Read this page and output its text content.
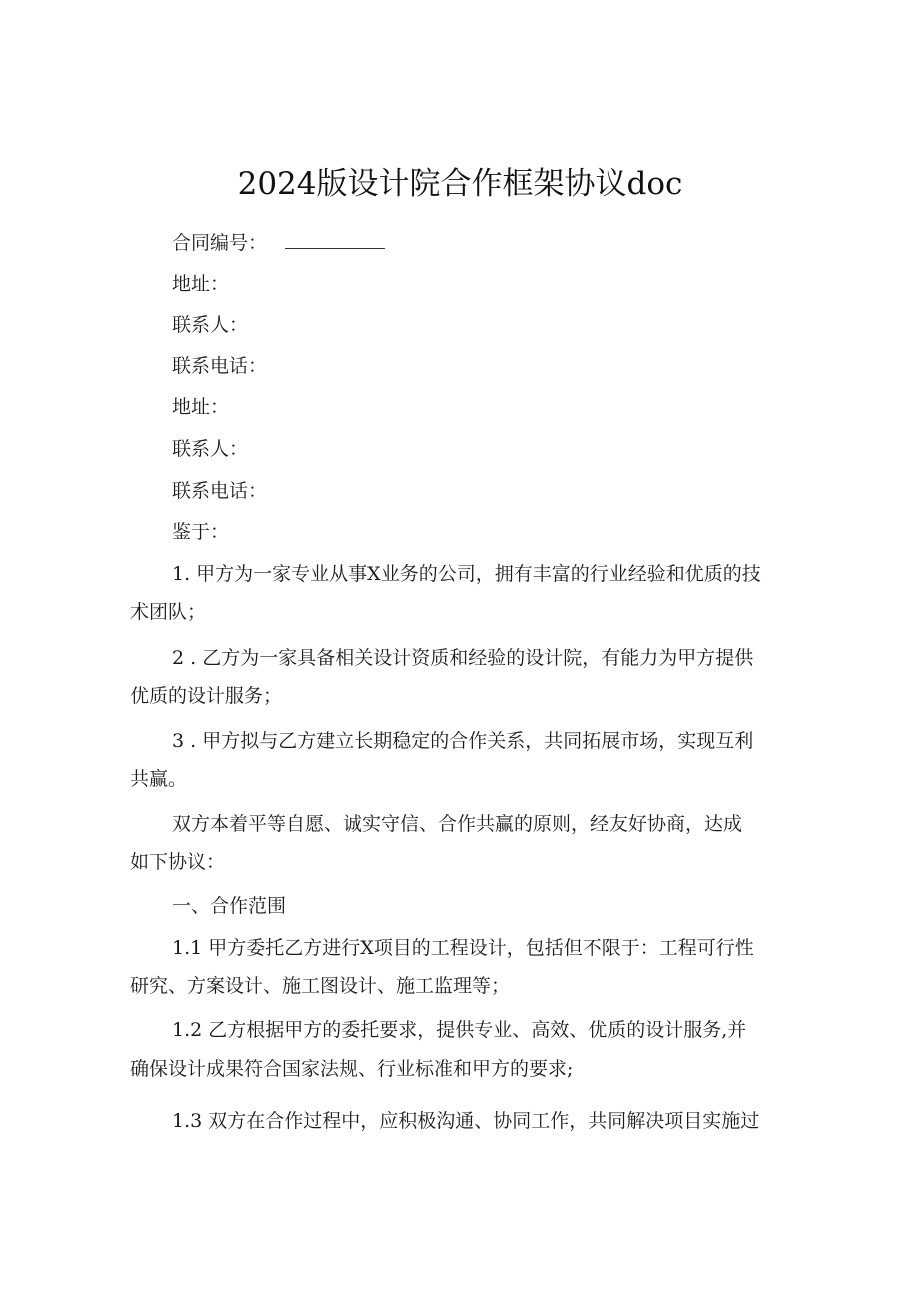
2024版设计院合作框架协议doc
合同编号：
地址：
联系人：
联系电话：
地址：
联系人：
联系电话：
鉴于：
1. 甲方为一家专业从事X业务的公司，拥有丰富的行业经验和优质的技
术团队；
2 . 乙方为一家具备相关设计资质和经验的设计院，有能力为甲方提供
优质的设计服务；
3 . 甲方拟与乙方建立长期稳定的合作关系，共同拓展市场，实现互利
共赢。
双方本着平等自愿、诚实守信、合作共赢的原则，经友好协商，达成
如下协议：
一、合作范围
1.1 甲方委托乙方进行X项目的工程设计，包括但不限于：工程可行性
研究、方案设计、施工图设计、施工监理等；
1.2 乙方根据甲方的委托要求，提供专业、高效、优质的设计服务,并
确保设计成果符合国家法规、行业标准和甲方的要求;
1.3 双方在合作过程中，应积极沟通、协同工作，共同解决项目实施过
